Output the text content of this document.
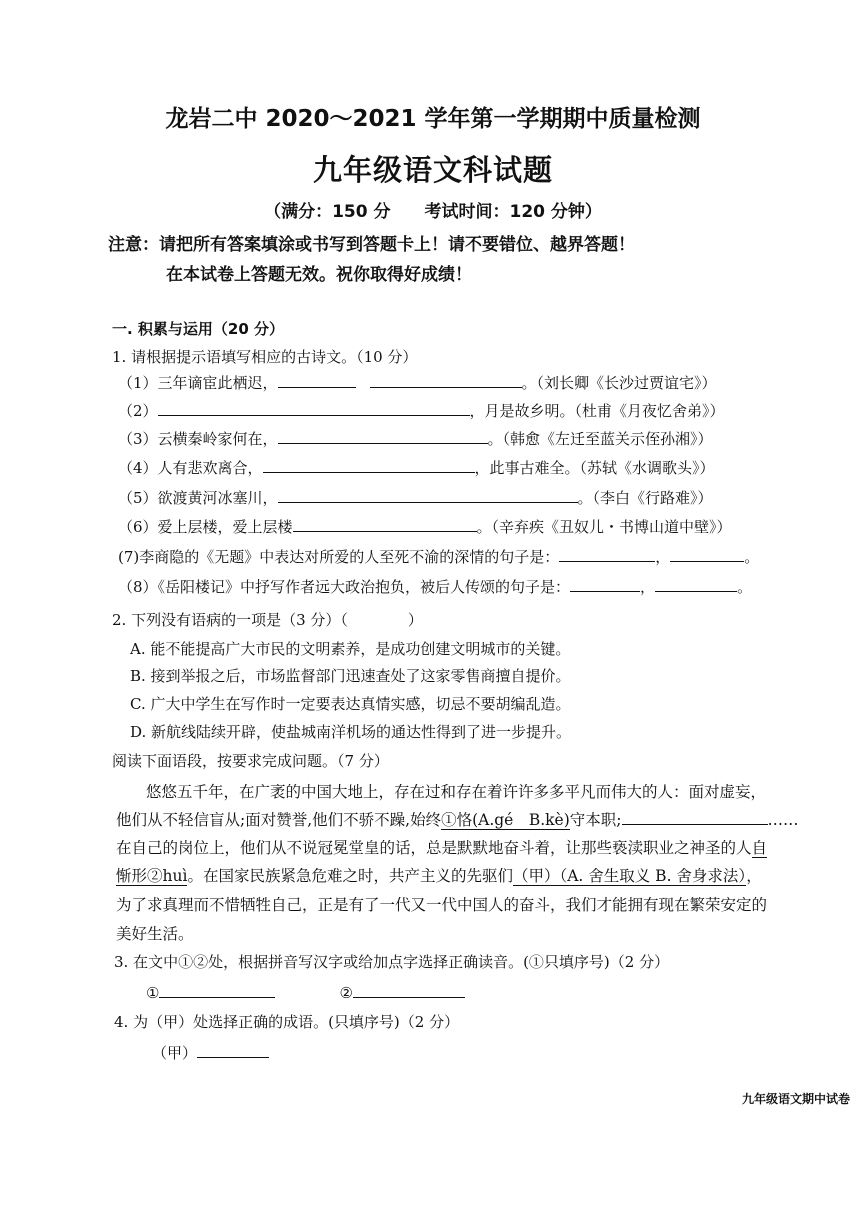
龙岩二中 2020～2021 学年第一学期期中质量检测
九年级语文科试题
（满分：150 分　　考试时间：120 分钟）
注意：请把所有答案填涂或书写到答题卡上！请不要错位、越界答题！
在本试卷上答题无效。祝你取得好成绩！
一. 积累与运用（20 分）
1. 请根据提示语填写相应的古诗文。（10 分）
（1）三年谪宦此栖迟，	。（刘长卿《长沙过贾谊宅》）
（2）	，月是故乡明。（杜甫《月夜忆舍弟》）
（3）云横秦岭家何在，	。（韩愈《左迁至蓝关示侄孙湘》）
（4）人有悲欢离合，	，此事古难全。（苏轼《水调歌头》）
（5）欲渡黄河冰塞川，	。（李白《行路难》）
（6）爱上层楼，爱上层楼	。（辛弃疾《丑奴儿・书博山道中壁》）
(7)李商隐的《无题》中表达对所爱的人至死不渝的深情的句子是：	，	。
（8）《岳阳楼记》中抒写作者远大政治抱负，被后人传颂的句子是：	，	。
2. 下列没有语病的一项是（3 分）（　　　　）
A. 能不能提高广大市民的文明素养，是成功创建文明城市的关键。
B. 接到举报之后，市场监督部门迅速查处了这家零售商擅自提价。
C. 广大中学生在写作时一定要表达真情实感，切忌不要胡编乱造。
D. 新航线陆续开辟，使盐城南洋机场的通达性得到了进一步提升。
阅读下面语段，按要求完成问题。（7 分）
悠悠五千年，在广袤的中国大地上，存在过和存在着许许多多平凡而伟大的人：面对虚妄，
他们从不轻信盲从;面对赞誉,他们不骄不躁,始终①恪(A.gé　B.kè)守本职;	……
在自己的岗位上，他们从不说冠冕堂皇的话，总是默默地奋斗着，让那些亵渎职业之神圣的人自
惭形②huì。在国家民族紧急危难之时，共产主义的先驱们（甲）（A. 舍生取义 B. 舍身求法），
为了求真理而不惜牺牲自己，正是有了一代又一代中国人的奋斗，我们才能拥有现在繁荣安定的
美好生活。
3. 在文中①②处，根据拼音写汉字或给加点字选择正确读音。(①只填序号)（2 分）
①	②
4. 为（甲）处选择正确的成语。(只填序号)（2 分）
（甲）
九年级语文期中试卷
